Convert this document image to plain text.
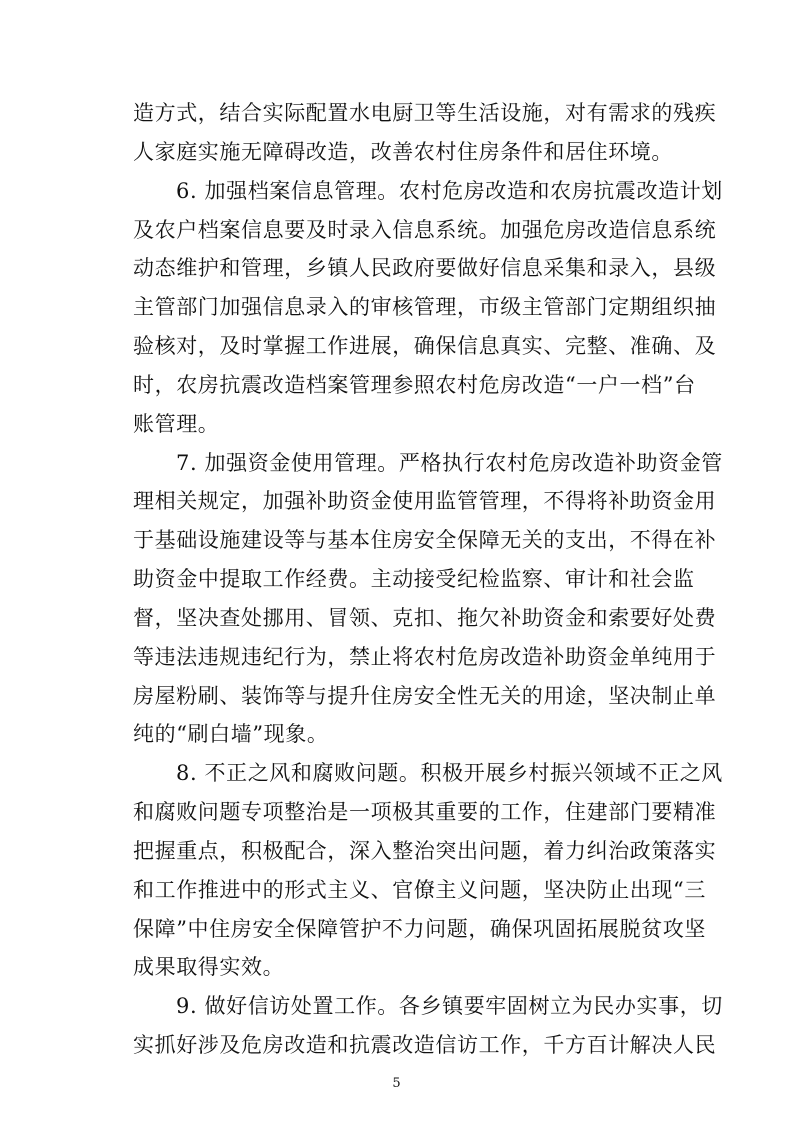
造方式，结合实际配置水电厨卫等生活设施，对有需求的残疾
人家庭实施无障碍改造，改善农村住房条件和居住环境。
6. 加强档案信息管理。农村危房改造和农房抗震改造计划
及农户档案信息要及时录入信息系统。加强危房改造信息系统
动态维护和管理，乡镇人民政府要做好信息采集和录入，县级
主管部门加强信息录入的审核管理，市级主管部门定期组织抽
验核对，及时掌握工作进展，确保信息真实、完整、准确、及
时，农房抗震改造档案管理参照农村危房改造“一户一档”台
账管理。
7. 加强资金使用管理。严格执行农村危房改造补助资金管
理相关规定，加强补助资金使用监管管理，不得将补助资金用
于基础设施建设等与基本住房安全保障无关的支出，不得在补
助资金中提取工作经费。主动接受纪检监察、审计和社会监
督，坚决查处挪用、冒领、克扣、拖欠补助资金和索要好处费
等违法违规违纪行为，禁止将农村危房改造补助资金单纯用于
房屋粉刷、装饰等与提升住房安全性无关的用途，坚决制止单
纯的“刷白墙”现象。
8. 不正之风和腐败问题。积极开展乡村振兴领域不正之风
和腐败问题专项整治是一项极其重要的工作，住建部门要精准
把握重点，积极配合，深入整治突出问题，着力纠治政策落实
和工作推进中的形式主义、官僚主义问题，坚决防止出现“三
保障”中住房安全保障管护不力问题，确保巩固拓展脱贫攻坚
成果取得实效。
9. 做好信访处置工作。各乡镇要牢固树立为民办实事，切
实抓好涉及危房改造和抗震改造信访工作，千方百计解决人民
5
